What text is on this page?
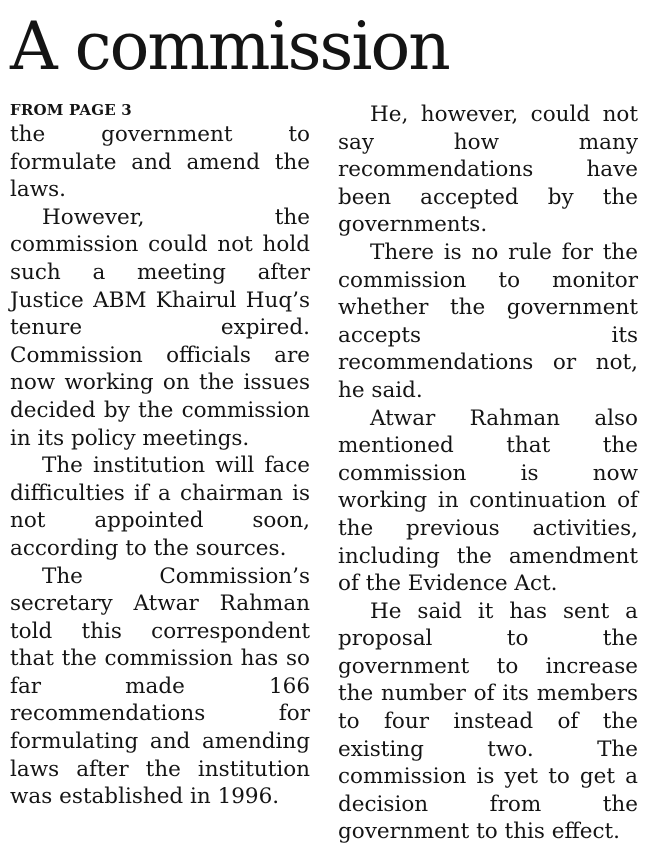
A commission
FROM PAGE 3

the government to formulate and amend the laws.

However, the commission could not hold such a meeting after Justice ABM Khairul Huq’s tenure expired. Commission officials are now working on the issues decided by the commission in its policy meetings.

The institution will face difficulties if a chairman is not appointed soon, according to the sources.

The Commission’s secretary Atwar Rahman told this correspondent that the commission has so far made 166 recommendations for formulating and amending laws after the institution was established in 1996.

He, however, could not say how many recommendations have been accepted by the governments.

There is no rule for the commission to monitor whether the government accepts its recommendations or not, he said.

Atwar Rahman also mentioned that the commission is now working in continuation of the previous activities, including the amendment of the Evidence Act.

He said it has sent a proposal to the government to increase the number of its members to four instead of the existing two. The commission is yet to get a decision from the government to this effect.
